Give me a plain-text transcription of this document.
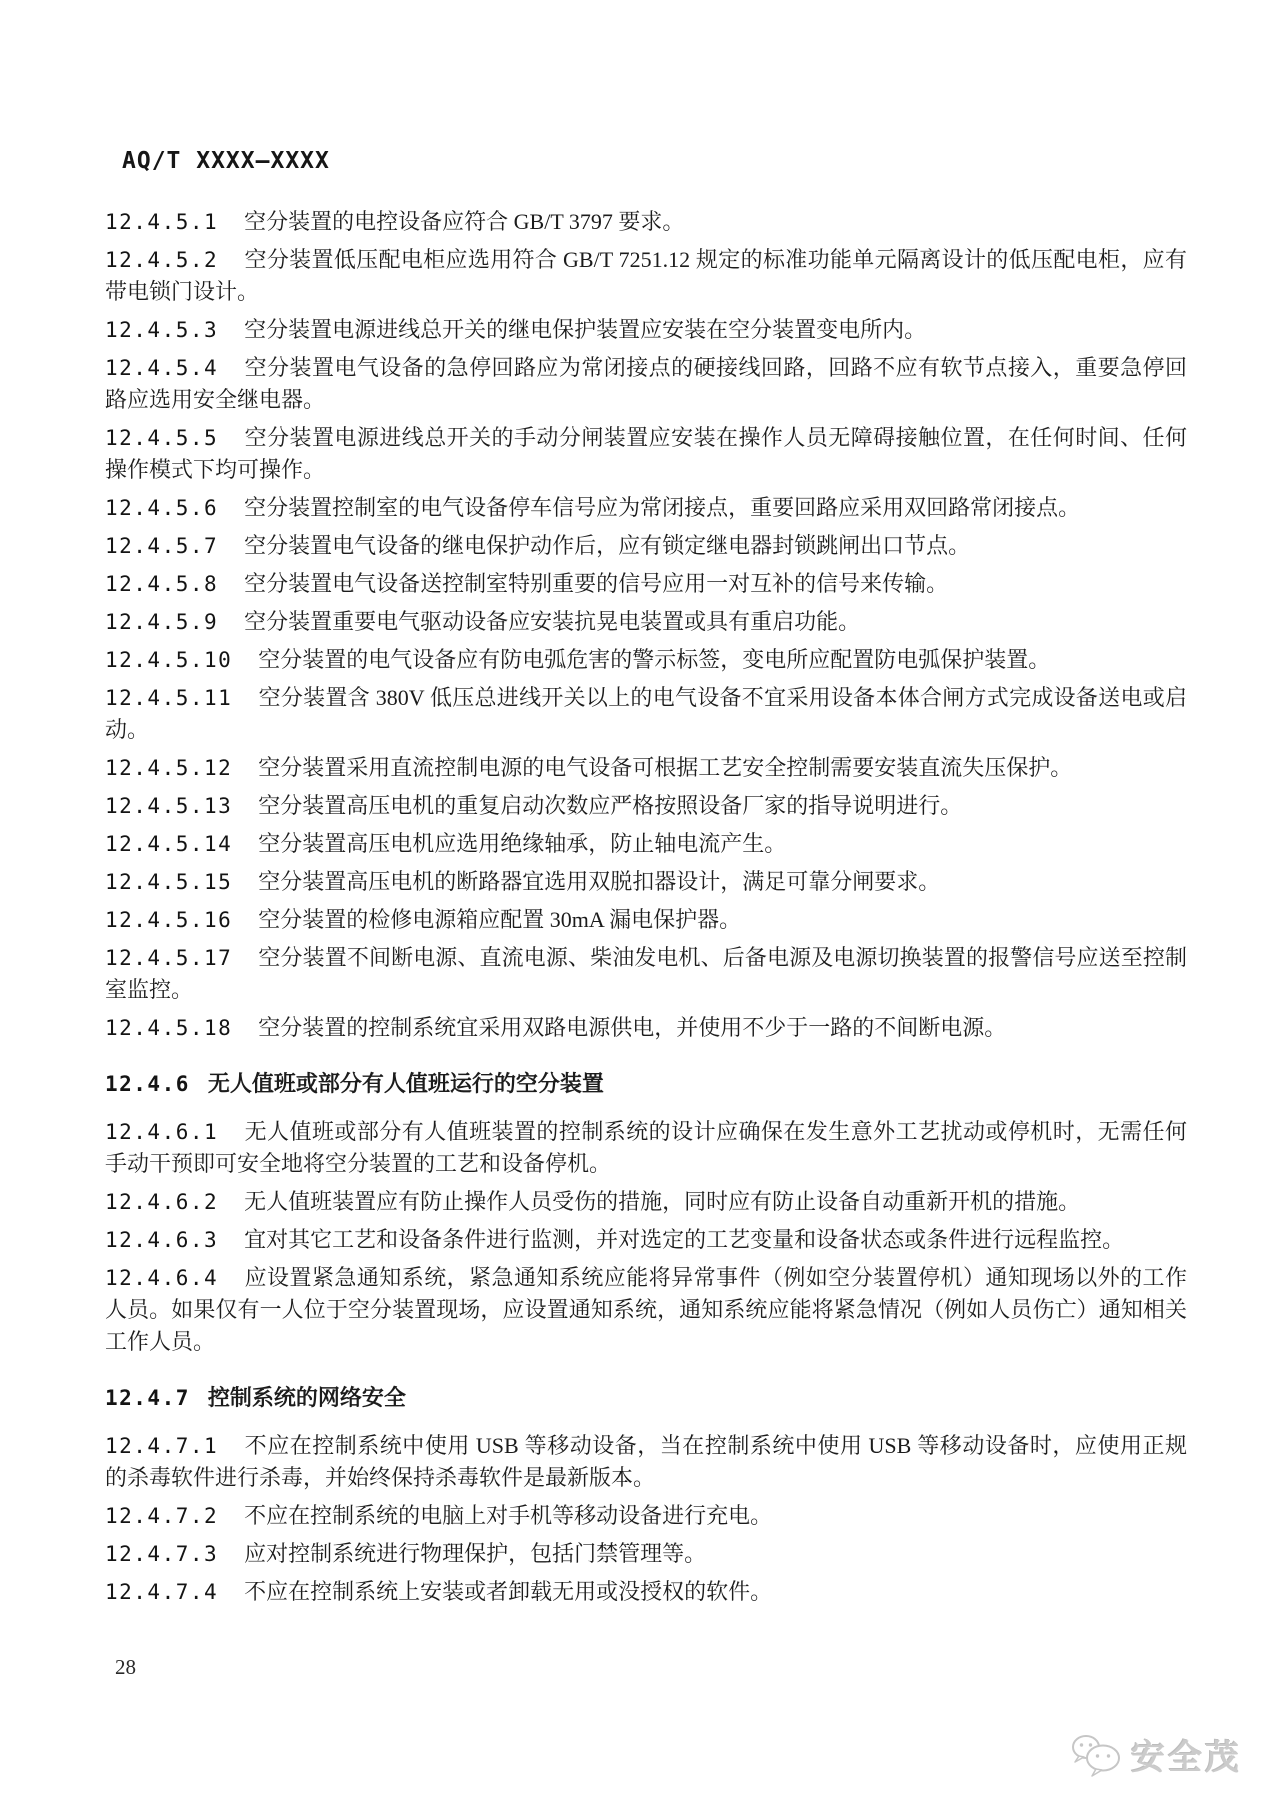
AQ/T XXXX—XXXX

12.4.5.1 空分装置的电控设备应符合 GB/T 3797 要求。

12.4.5.2 空分装置低压配电柜应选用符合 GB/T 7251.12 规定的标准功能单元隔离设计的低压配电柜，应有带电锁门设计。

12.4.5.3 空分装置电源进线总开关的继电保护装置应安装在空分装置变电所内。

12.4.5.4 空分装置电气设备的急停回路应为常闭接点的硬接线回路，回路不应有软节点接入，重要急停回路应选用安全继电器。

12.4.5.5 空分装置电源进线总开关的手动分闸装置应安装在操作人员无障碍接触位置，在任何时间、任何操作模式下均可操作。

12.4.5.6 空分装置控制室的电气设备停车信号应为常闭接点，重要回路应采用双回路常闭接点。

12.4.5.7 空分装置电气设备的继电保护动作后，应有锁定继电器封锁跳闸出口节点。

12.4.5.8 空分装置电气设备送控制室特别重要的信号应用一对互补的信号来传输。

12.4.5.9 空分装置重要电气驱动设备应安装抗晃电装置或具有重启功能。

12.4.5.10 空分装置的电气设备应有防电弧危害的警示标签，变电所应配置防电弧保护装置。

12.4.5.11 空分装置含 380V 低压总进线开关以上的电气设备不宜采用设备本体合闸方式完成设备送电或启动。

12.4.5.12 空分装置采用直流控制电源的电气设备可根据工艺安全控制需要安装直流失压保护。

12.4.5.13 空分装置高压电机的重复启动次数应严格按照设备厂家的指导说明进行。

12.4.5.14 空分装置高压电机应选用绝缘轴承，防止轴电流产生。

12.4.5.15 空分装置高压电机的断路器宜选用双脱扣器设计，满足可靠分闸要求。

12.4.5.16 空分装置的检修电源箱应配置 30mA 漏电保护器。

12.4.5.17 空分装置不间断电源、直流电源、柴油发电机、后备电源及电源切换装置的报警信号应送至控制室监控。

12.4.5.18 空分装置的控制系统宜采用双路电源供电，并使用不少于一路的不间断电源。

12.4.6 无人值班或部分有人值班运行的空分装置

12.4.6.1 无人值班或部分有人值班装置的控制系统的设计应确保在发生意外工艺扰动或停机时，无需任何手动干预即可安全地将空分装置的工艺和设备停机。

12.4.6.2 无人值班装置应有防止操作人员受伤的措施，同时应有防止设备自动重新开机的措施。

12.4.6.3 宜对其它工艺和设备条件进行监测，并对选定的工艺变量和设备状态或条件进行远程监控。

12.4.6.4 应设置紧急通知系统，紧急通知系统应能将异常事件（例如空分装置停机）通知现场以外的工作人员。如果仅有一人位于空分装置现场，应设置通知系统，通知系统应能将紧急情况（例如人员伤亡）通知相关工作人员。

12.4.7 控制系统的网络安全

12.4.7.1 不应在控制系统中使用 USB 等移动设备，当在控制系统中使用 USB 等移动设备时，应使用正规的杀毒软件进行杀毒，并始终保持杀毒软件是最新版本。

12.4.7.2 不应在控制系统的电脑上对手机等移动设备进行充电。

12.4.7.3 应对控制系统进行物理保护，包括门禁管理等。

12.4.7.4 不应在控制系统上安装或者卸载无用或没授权的软件。

28
安全茂
